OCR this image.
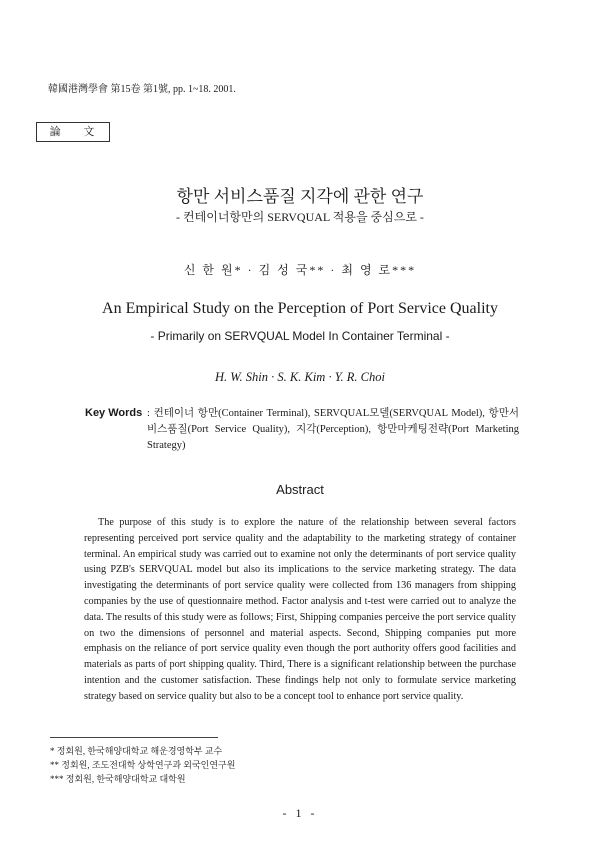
韓國港灣學會 第15卷 第1號, pp. 1~18. 2001.
論 文
항만 서비스품질 지각에 관한 연구
- 컨테이너항만의 SERVQUAL 적용을 중심으로 -
신 한 원* · 김 성 국** · 최 영 로***
An Empirical Study on the Perception of Port Service Quality
- Primarily on SERVQUAL Model In Container Terminal -
H. W. Shin · S. K. Kim · Y. R. Choi
Key Words : 컨테이너 항만(Container Terminal), SERVQUAL모델(SERVQUAL Model), 항만서비스품질(Port Service Quality), 지각(Perception), 항만마케팅전략(Port Marketing Strategy)
Abstract
The purpose of this study is to explore the nature of the relationship between several factors representing perceived port service quality and the adaptability to the marketing strategy of container terminal. An empirical study was carried out to examine not only the determinants of port service quality using PZB's SERVQUAL model but also its implications to the service marketing strategy. The data investigating the determinants of port service quality were collected from 136 managers from shipping companies by the use of questionnaire method. Factor analysis and t-test were carried out to analyze the data. The results of this study were as follows; First, Shipping companies perceive the port service quality on two the dimensions of personnel and material aspects. Second, Shipping companies put more emphasis on the reliance of port service quality even though the port authority offers good facilities and materials as parts of port shipping quality. Third, There is a significant relationship between the purchase intention and the customer satisfaction. These findings help not only to formulate service marketing strategy based on service quality but also to be a concept tool to enhance port service quality.
* 정회원, 한국해양대학교 해운경영학부 교수
** 정회원, 조도전대학 상학연구과 외국인연구원
*** 정회원, 한국해양대학교 대학원
- 1 -
